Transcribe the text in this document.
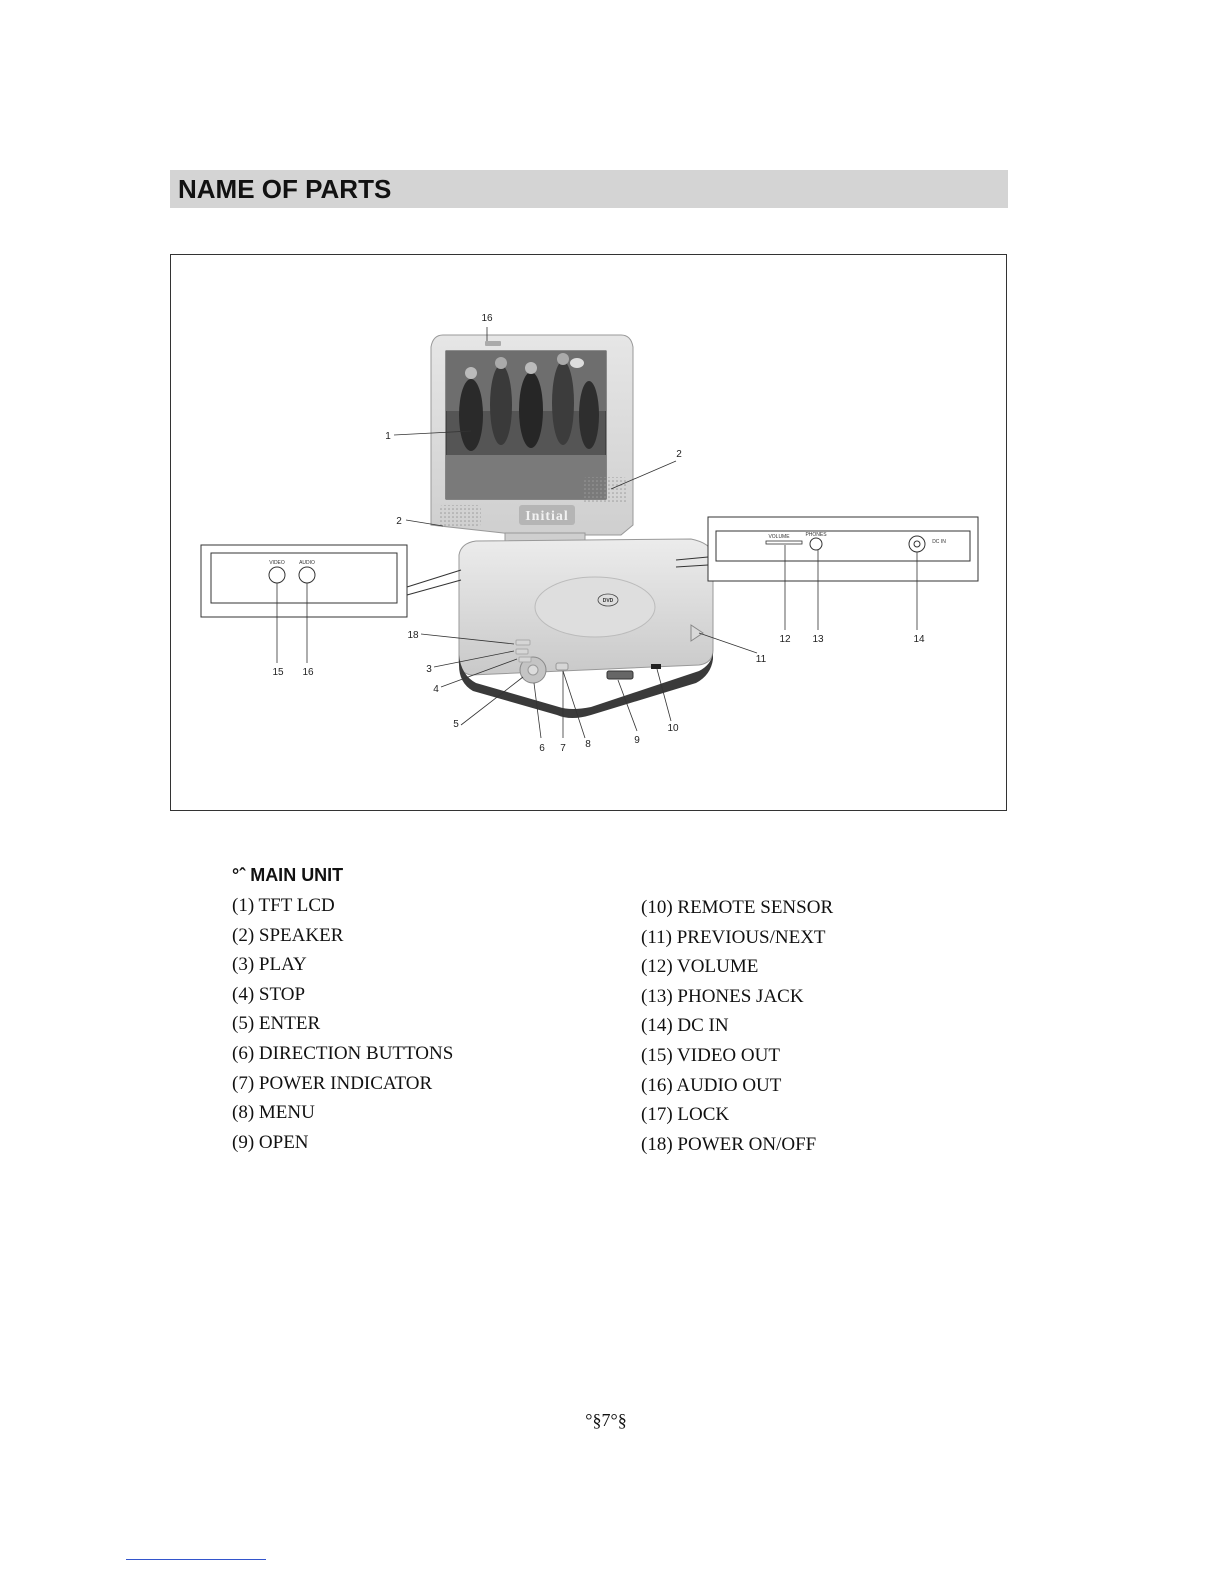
NAME OF PARTS
Initial
DVD
VIDEO	AUDIO
VOLUME	PHONES
DC IN
16
1
2
2
18
3
4
5
6 7 8	9
10
11
12 13	14
15 16
°ˆ MAIN UNIT
(1) TFT LCD
(2) SPEAKER
(3) PLAY
(4) STOP
(5) ENTER
(6) DIRECTION BUTTONS
(7) POWER INDICATOR
(8) MENU
(9) OPEN
(10) REMOTE SENSOR
(11) PREVIOUS/NEXT
(12) VOLUME
(13) PHONES JACK
(14) DC IN
(15) VIDEO OUT
(16) AUDIO OUT
(17) LOCK
(18) POWER ON/OFF
°§7°§
